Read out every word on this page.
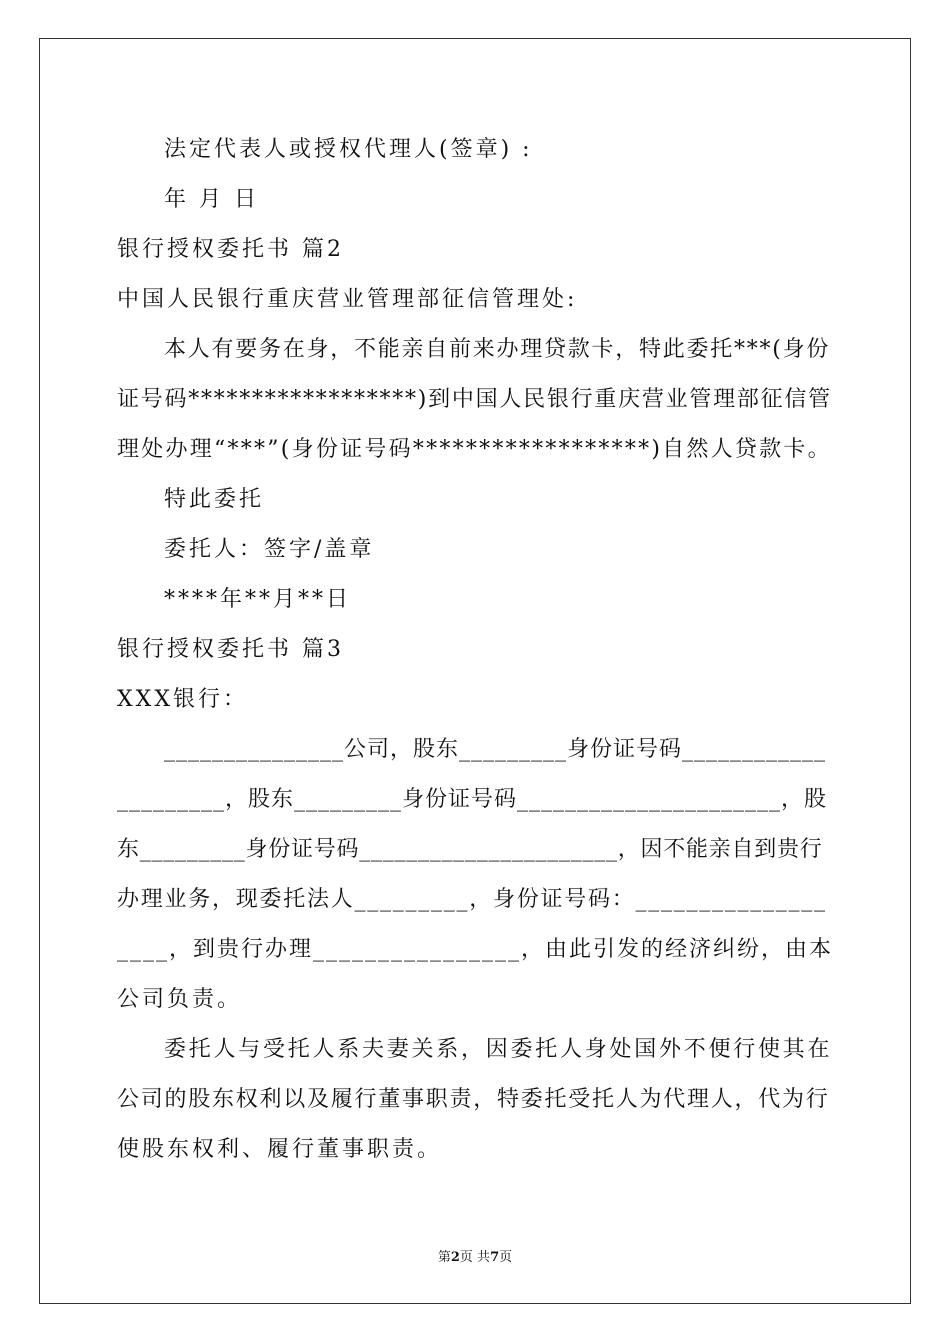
法定代表人或授权代理人(签章) :
年 月 日
银行授权委托书 篇2
中国人民银行重庆营业管理部征信管理处:
本人有要务在身，不能亲自前来办理贷款卡，特此委托***(身份
证号码******************)到中国人民银行重庆营业管理部征信管
理处办理“***”(身份证号码******************)自然人贷款卡。
特此委托
委托人：签字/盖章
****年**月**日
银行授权委托书 篇3
XXX银行：
_______________公司，股东_________身份证号码____________
_________，股东_________身份证号码______________________，股
东_________身份证号码______________________，因不能亲自到贵行
办理业务，现委托法人_________，身份证号码：_______________
____，到贵行办理________________，由此引发的经济纠纷，由本
公司负责。
委托人与受托人系夫妻关系，因委托人身处国外不便行使其在
公司的股东权利以及履行董事职责，特委托受托人为代理人，代为行
使股东权利、履行董事职责。
第2页 共7页
